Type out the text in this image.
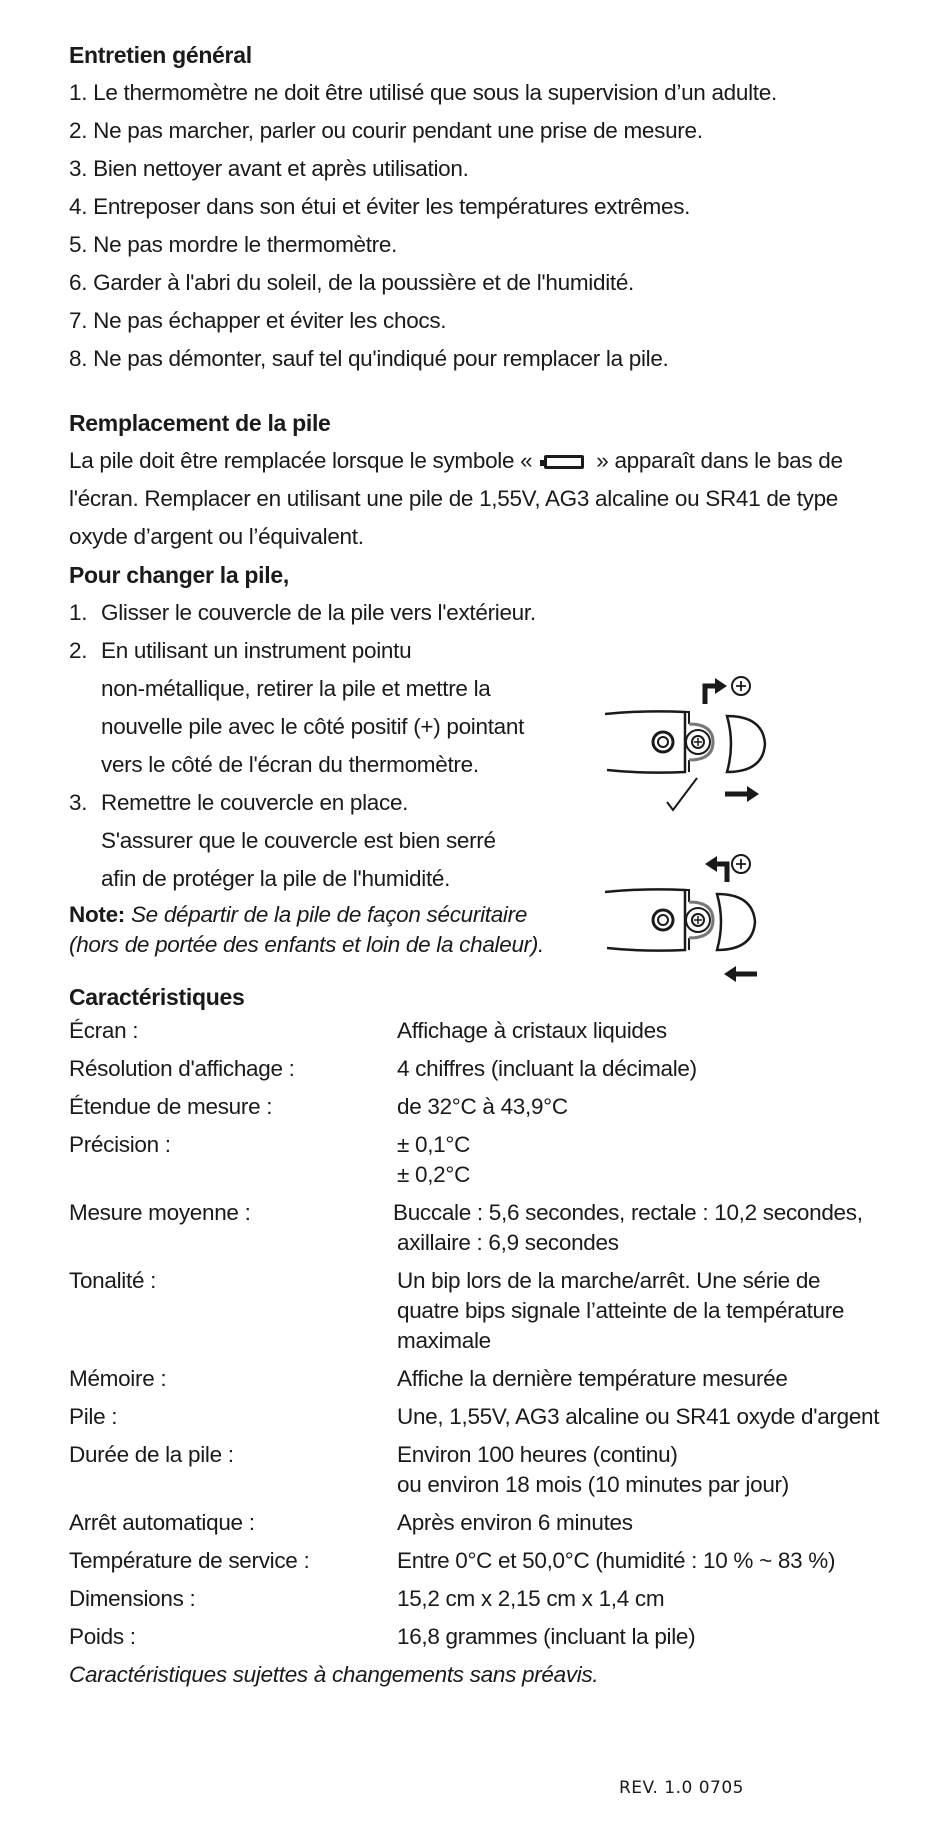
Entretien général
1. Le thermomètre ne doit être utilisé que sous la supervision d’un adulte.
2. Ne pas marcher, parler ou courir pendant une prise de mesure.
3. Bien nettoyer avant et après utilisation.
4. Entreposer dans son étui et éviter les températures extrêmes.
5. Ne pas mordre le thermomètre.
6. Garder à l'abri du soleil, de la poussière et de l'humidité.
7. Ne pas échapper et éviter les chocs.
8. Ne pas démonter, sauf tel qu'indiqué pour remplacer la pile.
Remplacement de la pile
La pile doit être remplacée lorsque le symbole «	» apparaît dans le bas de
l'écran. Remplacer en utilisant une pile de 1,55V, AG3 alcaline ou SR41 de type
oxyde d’argent ou l’équivalent.
Pour changer la pile,
1. Glisser le couvercle de la pile vers l'extérieur.
2. En utilisant un instrument pointu
non-métallique, retirer la pile et mettre la
nouvelle pile avec le côté positif (+) pointant
vers le côté de l'écran du thermomètre.
3. Remettre le couvercle en place.
S'assurer que le couvercle est bien serré
afin de protéger la pile de l'humidité.
Note: Se départir de la pile de façon sécuritaire
(hors de portée des enfants et loin de la chaleur).
Caractéristiques
Écran :	Affichage à cristaux liquides
Résolution d'affichage :	4 chiffres (incluant la décimale)
Étendue de mesure :	de 32°C à 43,9°C
Précision :	± 0,1°C
± 0,2°C
Mesure moyenne :	Buccale : 5,6 secondes, rectale : 10,2 secondes,
axillaire : 6,9 secondes
Tonalité :	Un bip lors de la marche/arrêt. Une série de
quatre bips signale l’atteinte de la température
maximale
Mémoire :	Affiche la dernière température mesurée
Pile :	Une, 1,55V, AG3 alcaline ou SR41 oxyde d'argent
Durée de la pile :	Environ 100 heures (continu)
ou environ 18 mois (10 minutes par jour)
Arrêt automatique :	Après environ 6 minutes
Température de service :	Entre 0°C et 50,0°C (humidité : 10 % ~ 83 %)
Dimensions :	15,2 cm x 2,15 cm x 1,4 cm
Poids :	16,8 grammes (incluant la pile)
Caractéristiques sujettes à changements sans préavis.
REV. 1.0 0705
